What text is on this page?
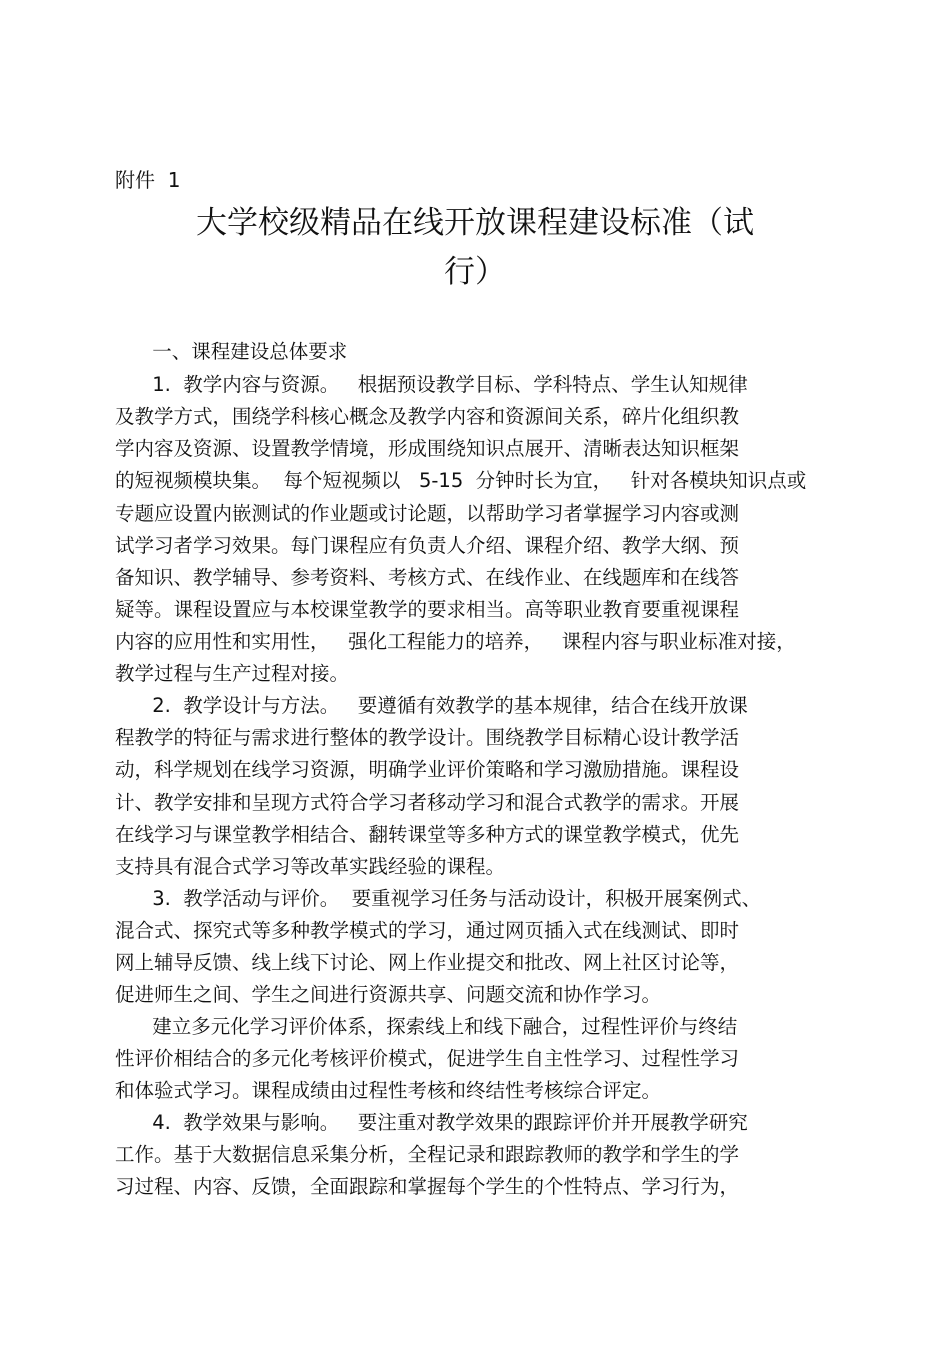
附件  1
大学校级精品在线开放课程建设标准（试
行）
一、课程建设总体要求
1.  教学内容与资源。   根据预设教学目标、学科特点、学生认知规律
及教学方式，围绕学科核心概念及教学内容和资源间关系，碎片化组织教
学内容及资源、设置教学情境，形成围绕知识点展开、清晰表达知识框架
的短视频模块集。  每个短视频以   5-15  分钟时长为宜，   针对各模块知识点或
专题应设置内嵌测试的作业题或讨论题，以帮助学习者掌握学习内容或测
试学习者学习效果。每门课程应有负责人介绍、课程介绍、教学大纲、预
备知识、教学辅导、参考资料、考核方式、在线作业、在线题库和在线答
疑等。课程设置应与本校课堂教学的要求相当。高等职业教育要重视课程
内容的应用性和实用性，   强化工程能力的培养，   课程内容与职业标准对接，
教学过程与生产过程对接。
2.  教学设计与方法。   要遵循有效教学的基本规律，结合在线开放课
程教学的特征与需求进行整体的教学设计。围绕教学目标精心设计教学活
动，科学规划在线学习资源，明确学业评价策略和学习激励措施。课程设
计、教学安排和呈现方式符合学习者移动学习和混合式教学的需求。开展
在线学习与课堂教学相结合、翻转课堂等多种方式的课堂教学模式，优先
支持具有混合式学习等改革实践经验的课程。
3.  教学活动与评价。  要重视学习任务与活动设计，积极开展案例式、
混合式、探究式等多种教学模式的学习，通过网页插入式在线测试、即时
网上辅导反馈、线上线下讨论、网上作业提交和批改、网上社区讨论等，
促进师生之间、学生之间进行资源共享、问题交流和协作学习。
建立多元化学习评价体系，探索线上和线下融合，过程性评价与终结
性评价相结合的多元化考核评价模式，促进学生自主性学习、过程性学习
和体验式学习。课程成绩由过程性考核和终结性考核综合评定。
4.  教学效果与影响。   要注重对教学效果的跟踪评价并开展教学研究
工作。基于大数据信息采集分析，全程记录和跟踪教师的教学和学生的学
习过程、内容、反馈，全面跟踪和掌握每个学生的个性特点、学习行为，
